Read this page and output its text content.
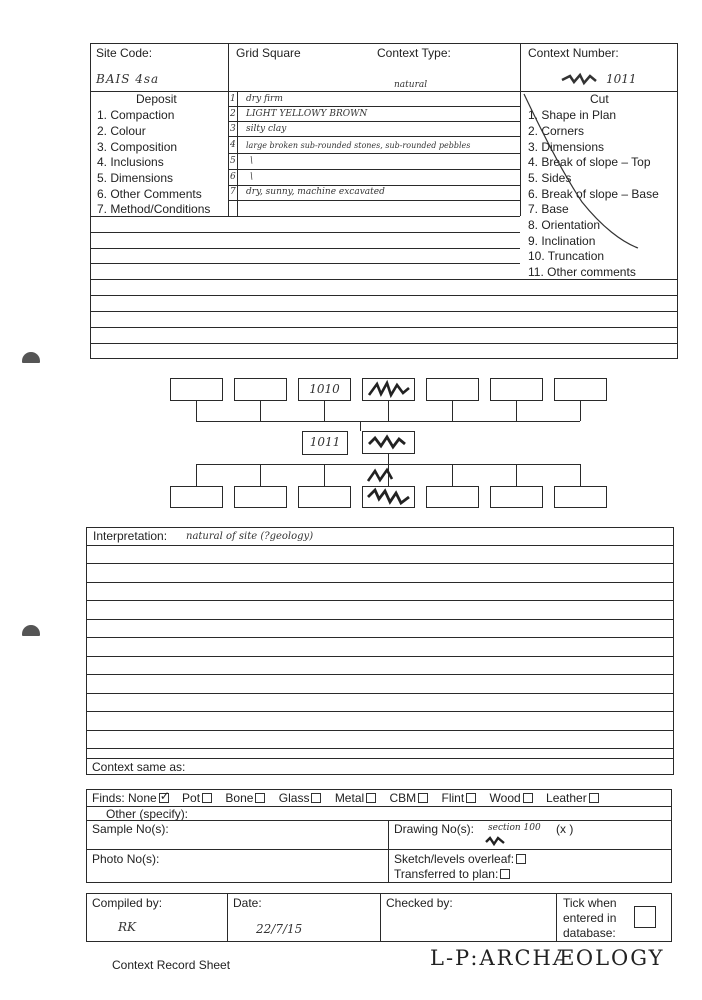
Site Code:
BAIS 4sa
Grid Square	Context Type:
natural
Context Number:
1011
Deposit
1. Compaction
2. Colour
3. Composition
4. Inclusions
5. Dimensions
6. Other Comments
7. Method/Conditions
1 dry firm
2 LIGHT YELLOWY BROWN
3 silty clay
4 large broken sub-rounded stones, sub-rounded pebbles
5 \
6 \
7 dry, sunny, machine excavated
Cut
1. Shape in Plan
2. Corners
3. Dimensions
4. Break of slope – Top
5. Sides
6. Break of slope – Base
7. Base
8. Orientation
9. Inclination
10. Truncation
11. Other comments
1010
1011
Interpretation: natural of site (?geology)
Context same as:
Finds: None ✓ Pot Bone Glass Metal CBM Flint Wood Leather
Other (specify):
Sample No(s):	Drawing No(s): section 100 (x )
Photo No(s):	Sketch/levels overleaf:
Transferred to plan:
Compiled by:
RK
Date:
22/7/15
Checked by:	Tick when
entered in
database:
Context Record Sheet	L-P:ARCHÆOLOGY
